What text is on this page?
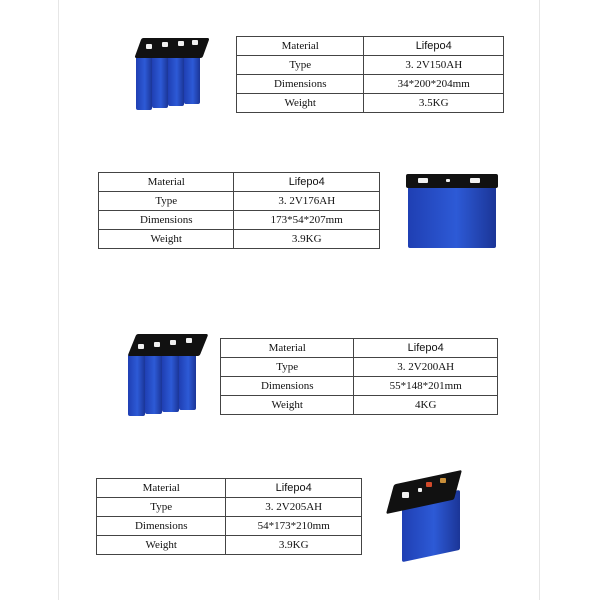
Material	Lifepo4
Type	3. 2V150AH
Dimensions	34*200*204mm
Weight	3.5KG
Material	Lifepo4
Type	3. 2V176AH
Dimensions	173*54*207mm
Weight	3.9KG
Material	Lifepo4
Type	3. 2V200AH
Dimensions	55*148*201mm
Weight	4KG
Material	Lifepo4
Type	3. 2V205AH
Dimensions	54*173*210mm
Weight	3.9KG
